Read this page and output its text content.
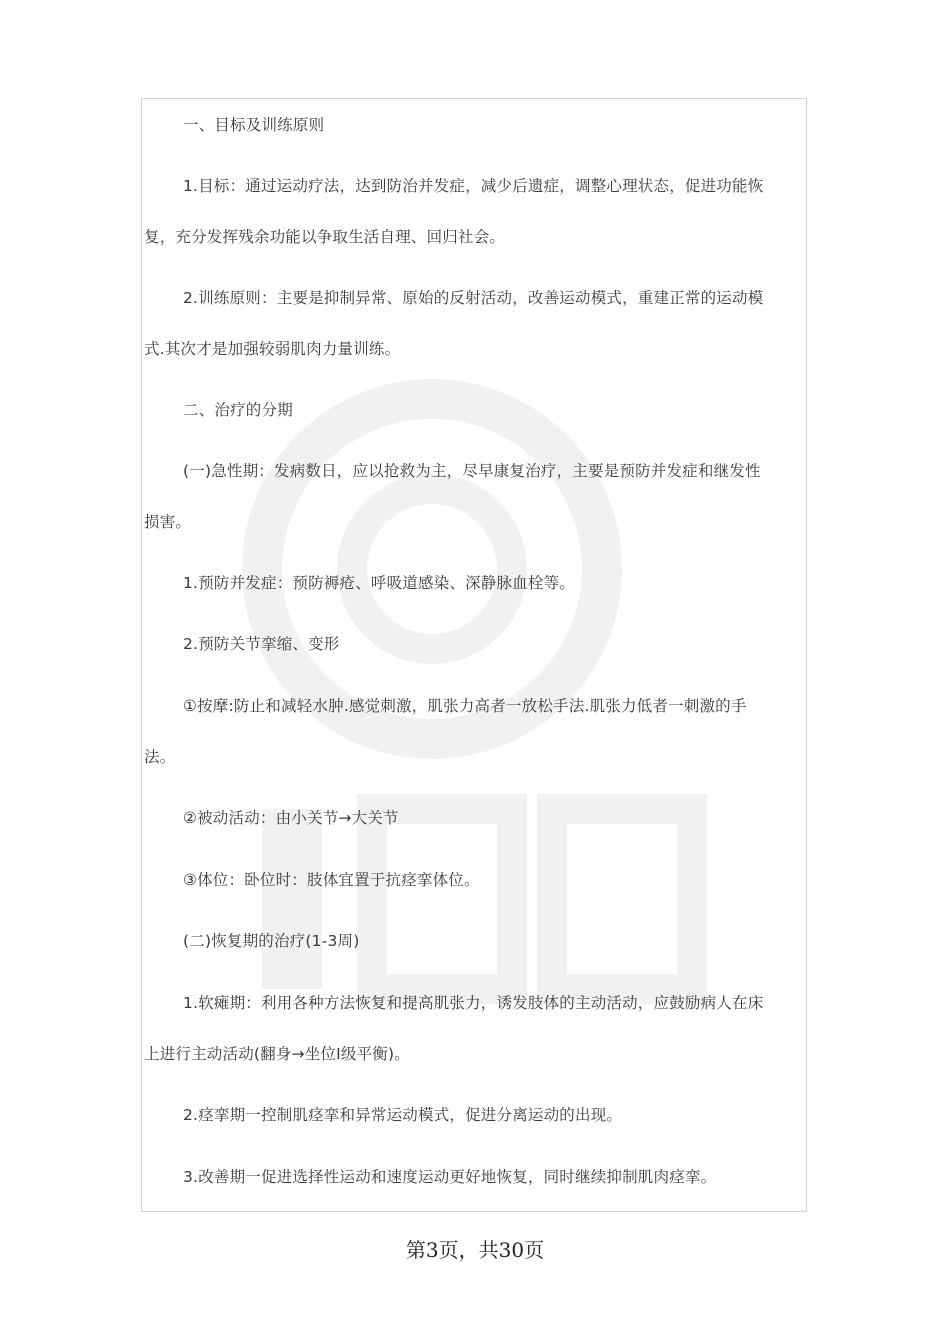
一、目标及训练原则
1.目标：通过运动疗法，达到防治并发症，减少后遗症，调整心理状态，促进功能恢
复，充分发挥残余功能以争取生活自理、回归社会。
2.训练原则：主要是抑制异常、原始的反射活动，改善运动模式，重建正常的运动模
式.其次才是加强较弱肌肉力量训练。
二、治疗的分期
(一)急性期：发病数日，应以抢救为主，尽早康复治疗，主要是预防并发症和继发性
损害。
1.预防并发症：预防褥疮、呼吸道感染、深静脉血栓等。
2.预防关节挛缩、变形
①按摩:防止和减轻水肿.感觉刺激，肌张力高者一放松手法.肌张力低者一刺激的手
法。
②被动活动：由小关节→大关节
③体位：卧位时：肢体宜置于抗痉挛体位。
(二)恢复期的治疗(1-3周)
1.软瘫期：利用各种方法恢复和提高肌张力，诱发肢体的主动活动，应鼓励病人在床
上进行主动活动(翻身→坐位Ⅰ级平衡)。
2.痉挛期一控制肌痉挛和异常运动模式，促进分离运动的出现。
3.改善期一促进选择性运动和速度运动更好地恢复，同时继续抑制肌肉痉挛。
第3页，共30页
